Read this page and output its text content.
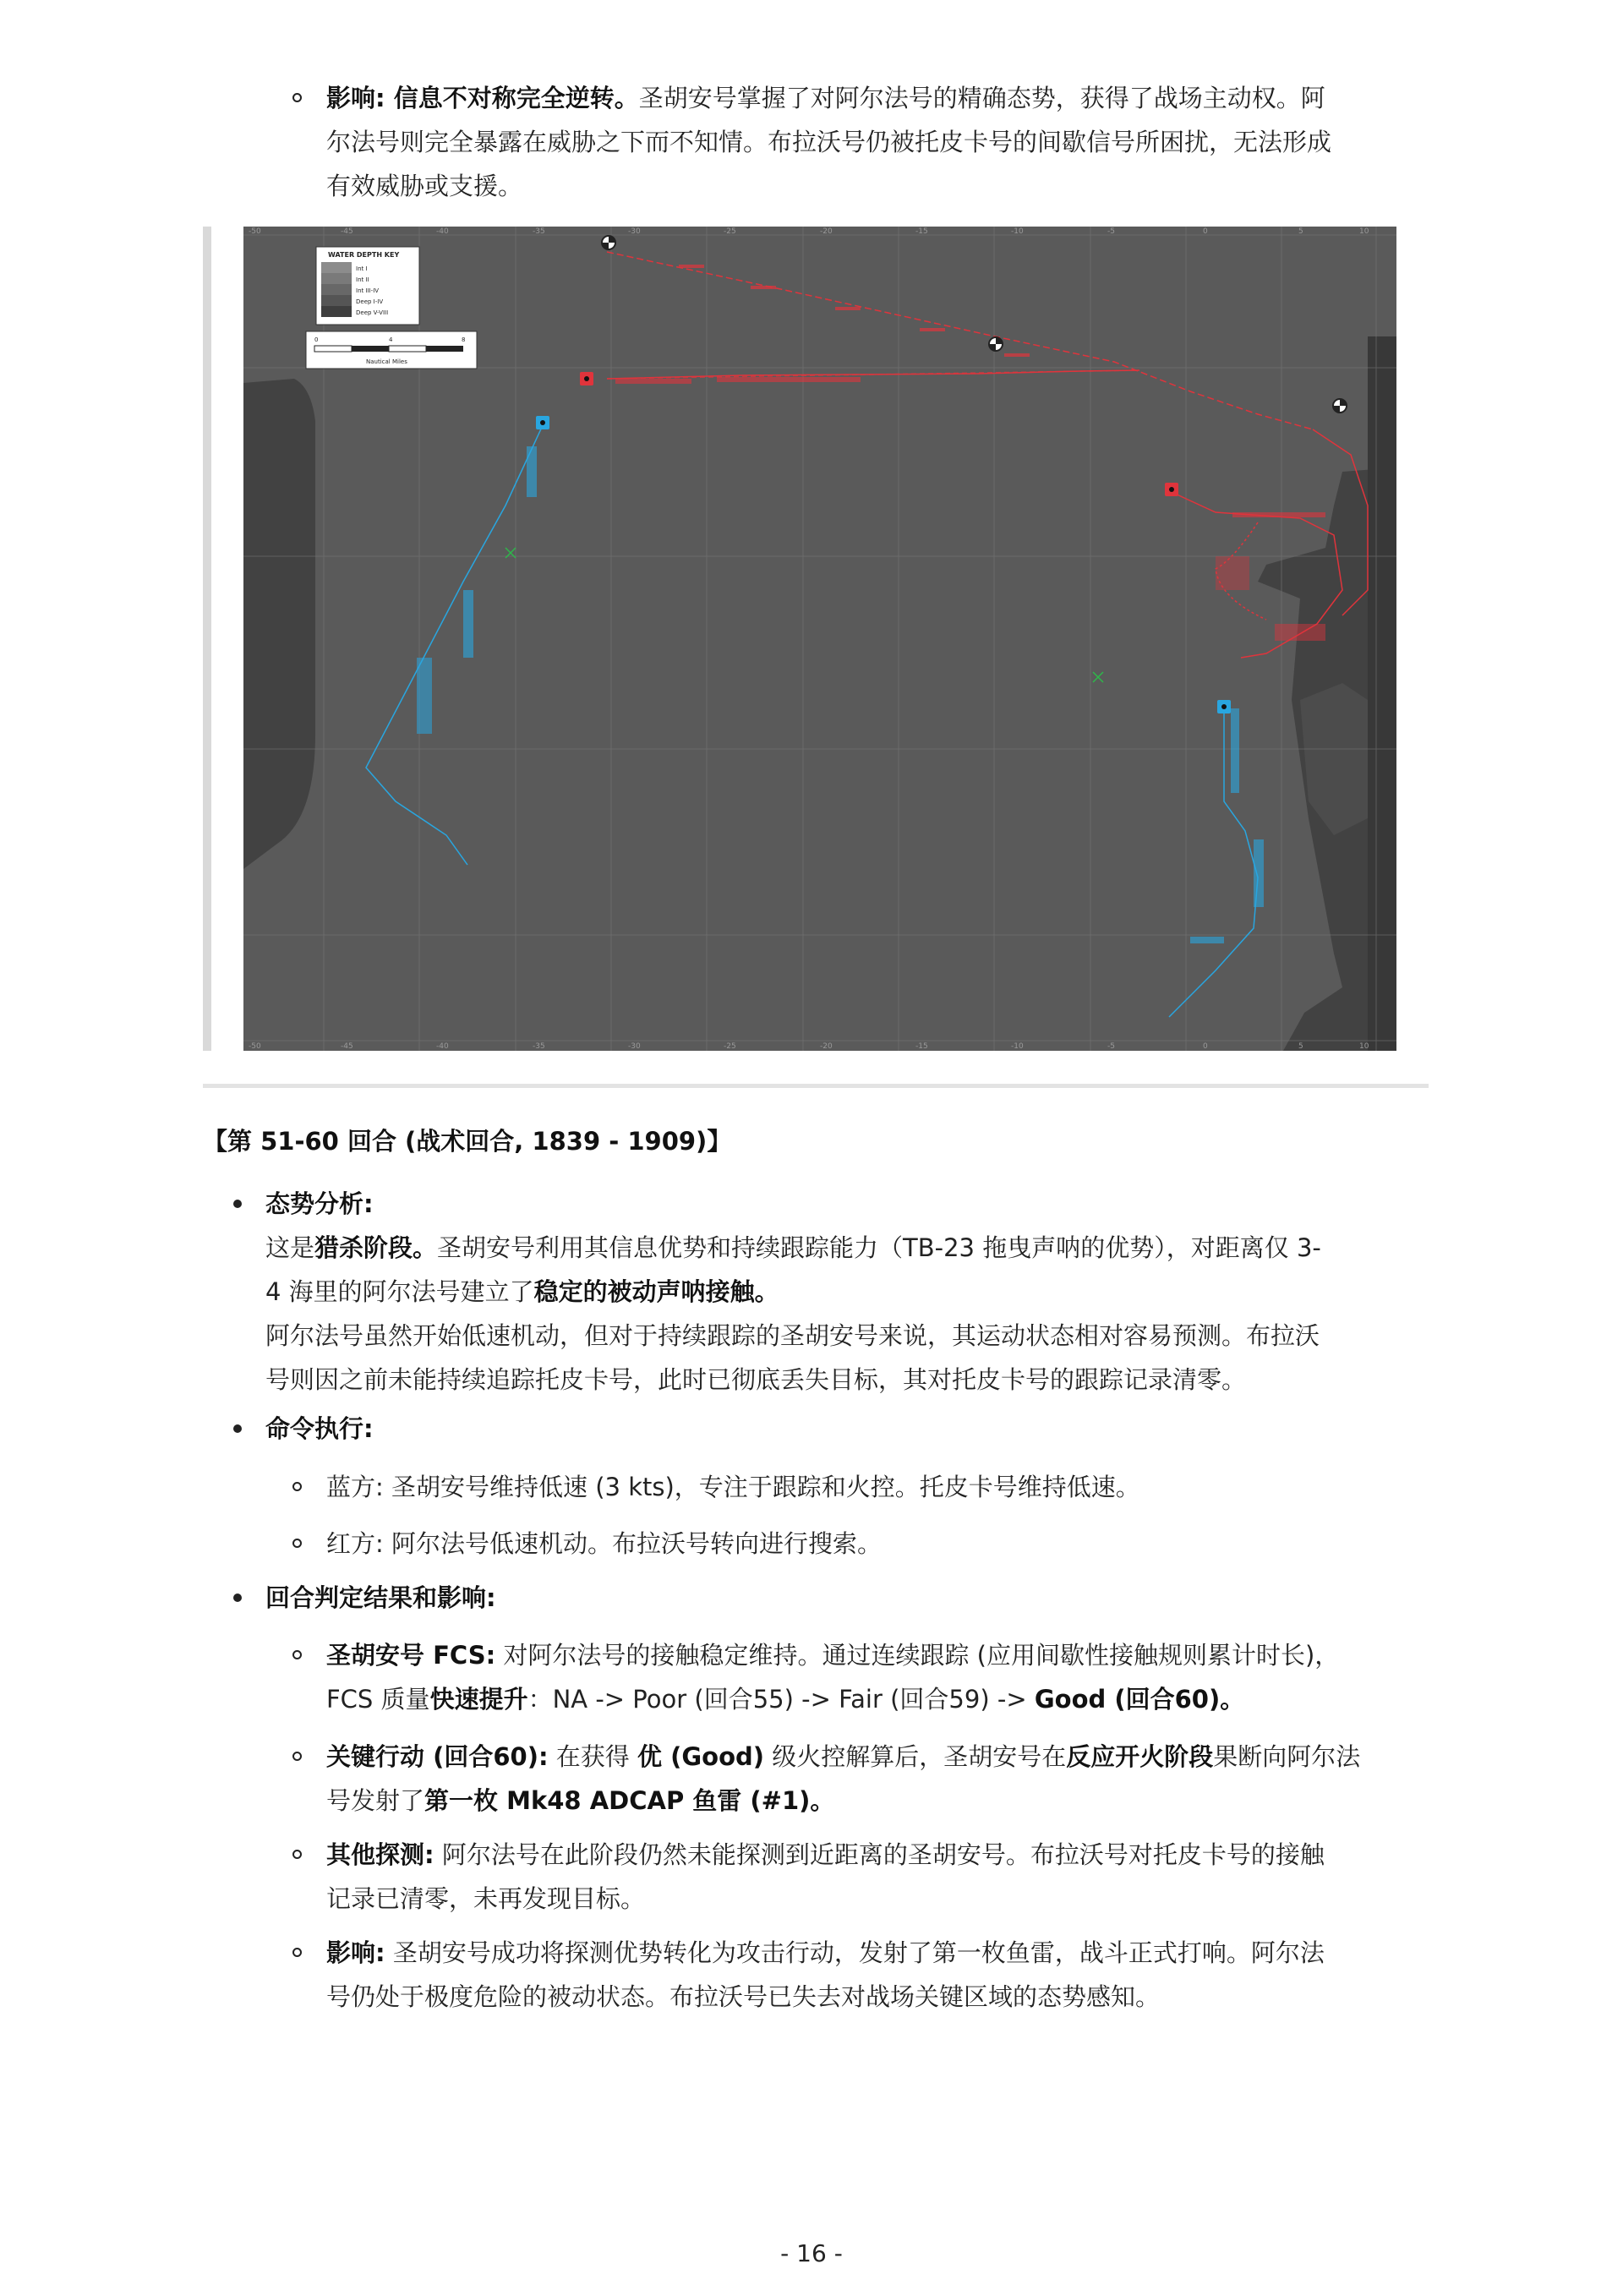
影响: 信息不对称完全逆转。圣胡安号掌握了对阿尔法号的精确态势，获得了战场主动权。阿
尔法号则完全暴露在威胁之下而不知情。布拉沃号仍被托皮卡号的间歇信号所困扰，无法形成
有效威胁或支援。
-50	-45	-40	-35	-30	-25	-20	-15	-10	-5	0	5	10
-50	-45	-40	-35	-30	-25	-20	-15	-10	-5	0	5	10
WATER DEPTH KEY
Int I
Int II
Int III-IV
Deep I-IV
Deep V-VIII
0	4	8
Nautical Miles
【第 51-60 回合 (战术回合, 1839 - 1909)】
态势分析:
这是猎杀阶段。圣胡安号利用其信息优势和持续跟踪能力（TB-23 拖曳声呐的优势），对距离仅 3-
4 海里的阿尔法号建立了稳定的被动声呐接触。
阿尔法号虽然开始低速机动，但对于持续跟踪的圣胡安号来说，其运动状态相对容易预测。布拉沃
号则因之前未能持续追踪托皮卡号，此时已彻底丢失目标，其对托皮卡号的跟踪记录清零。
命令执行:
蓝方: 圣胡安号维持低速 (3 kts)，专注于跟踪和火控。托皮卡号维持低速。
红方: 阿尔法号低速机动。布拉沃号转向进行搜索。
回合判定结果和影响:
圣胡安号 FCS: 对阿尔法号的接触稳定维持。通过连续跟踪 (应用间歇性接触规则累计时长)，
FCS 质量快速提升：NA -> Poor (回合55) -> Fair (回合59) -> Good (回合60)。
关键行动 (回合60): 在获得 优 (Good) 级火控解算后，圣胡安号在反应开火阶段果断向阿尔法
号发射了第一枚 Mk48 ADCAP 鱼雷 (#1)。
其他探测: 阿尔法号在此阶段仍然未能探测到近距离的圣胡安号。布拉沃号对托皮卡号的接触
记录已清零，未再发现目标。
影响: 圣胡安号成功将探测优势转化为攻击行动，发射了第一枚鱼雷，战斗正式打响。阿尔法
号仍处于极度危险的被动状态。布拉沃号已失去对战场关键区域的态势感知。
- 16 -
